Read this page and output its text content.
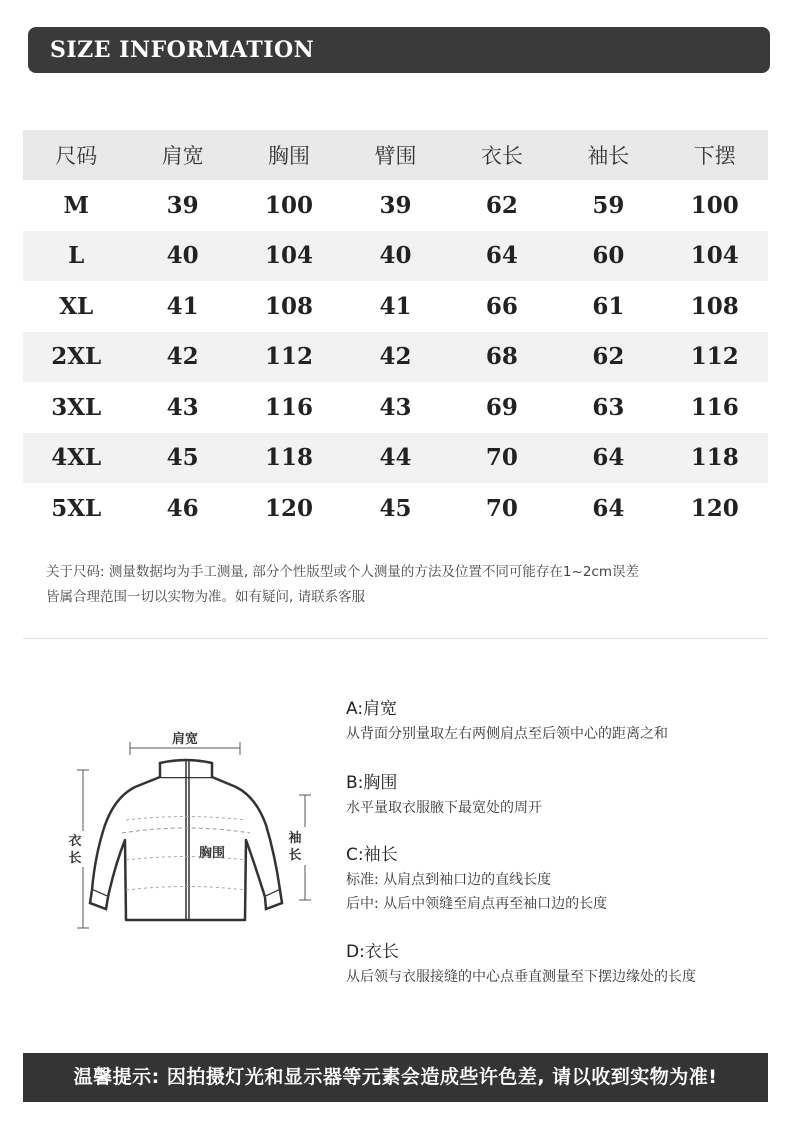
SIZE INFORMATION
尺码	肩宽	胸围	臂围	衣长	袖长	下摆
M	39	100	39	62	59	100
L	40	104	40	64	60	104
XL	41	108	41	66	61	108
2XL	42	112	42	68	62	112
3XL	43	116	43	69	63	116
4XL	45	118	44	70	64	118
5XL	46	120	45	70	64	120
关于尺码: 测量数据均为手工测量, 部分个性版型或个人测量的方法及位置不同可能存在1~2cm误差
皆属合理范围一切以实物为准。如有疑问, 请联系客服
肩宽
衣
长
袖
长
胸围
A:肩宽
从背面分别量取左右两侧肩点至后领中心的距离之和
B:胸围
水平量取衣服腋下最宽处的周开
C:袖长
标准: 从肩点到袖口边的直线长度
后中: 从后中领缝至肩点再至袖口边的长度
D:衣长
从后领与衣服接缝的中心点垂直测量至下摆边缘处的长度
温馨提示: 因拍摄灯光和显示器等元素会造成些许色差, 请以收到实物为准!
